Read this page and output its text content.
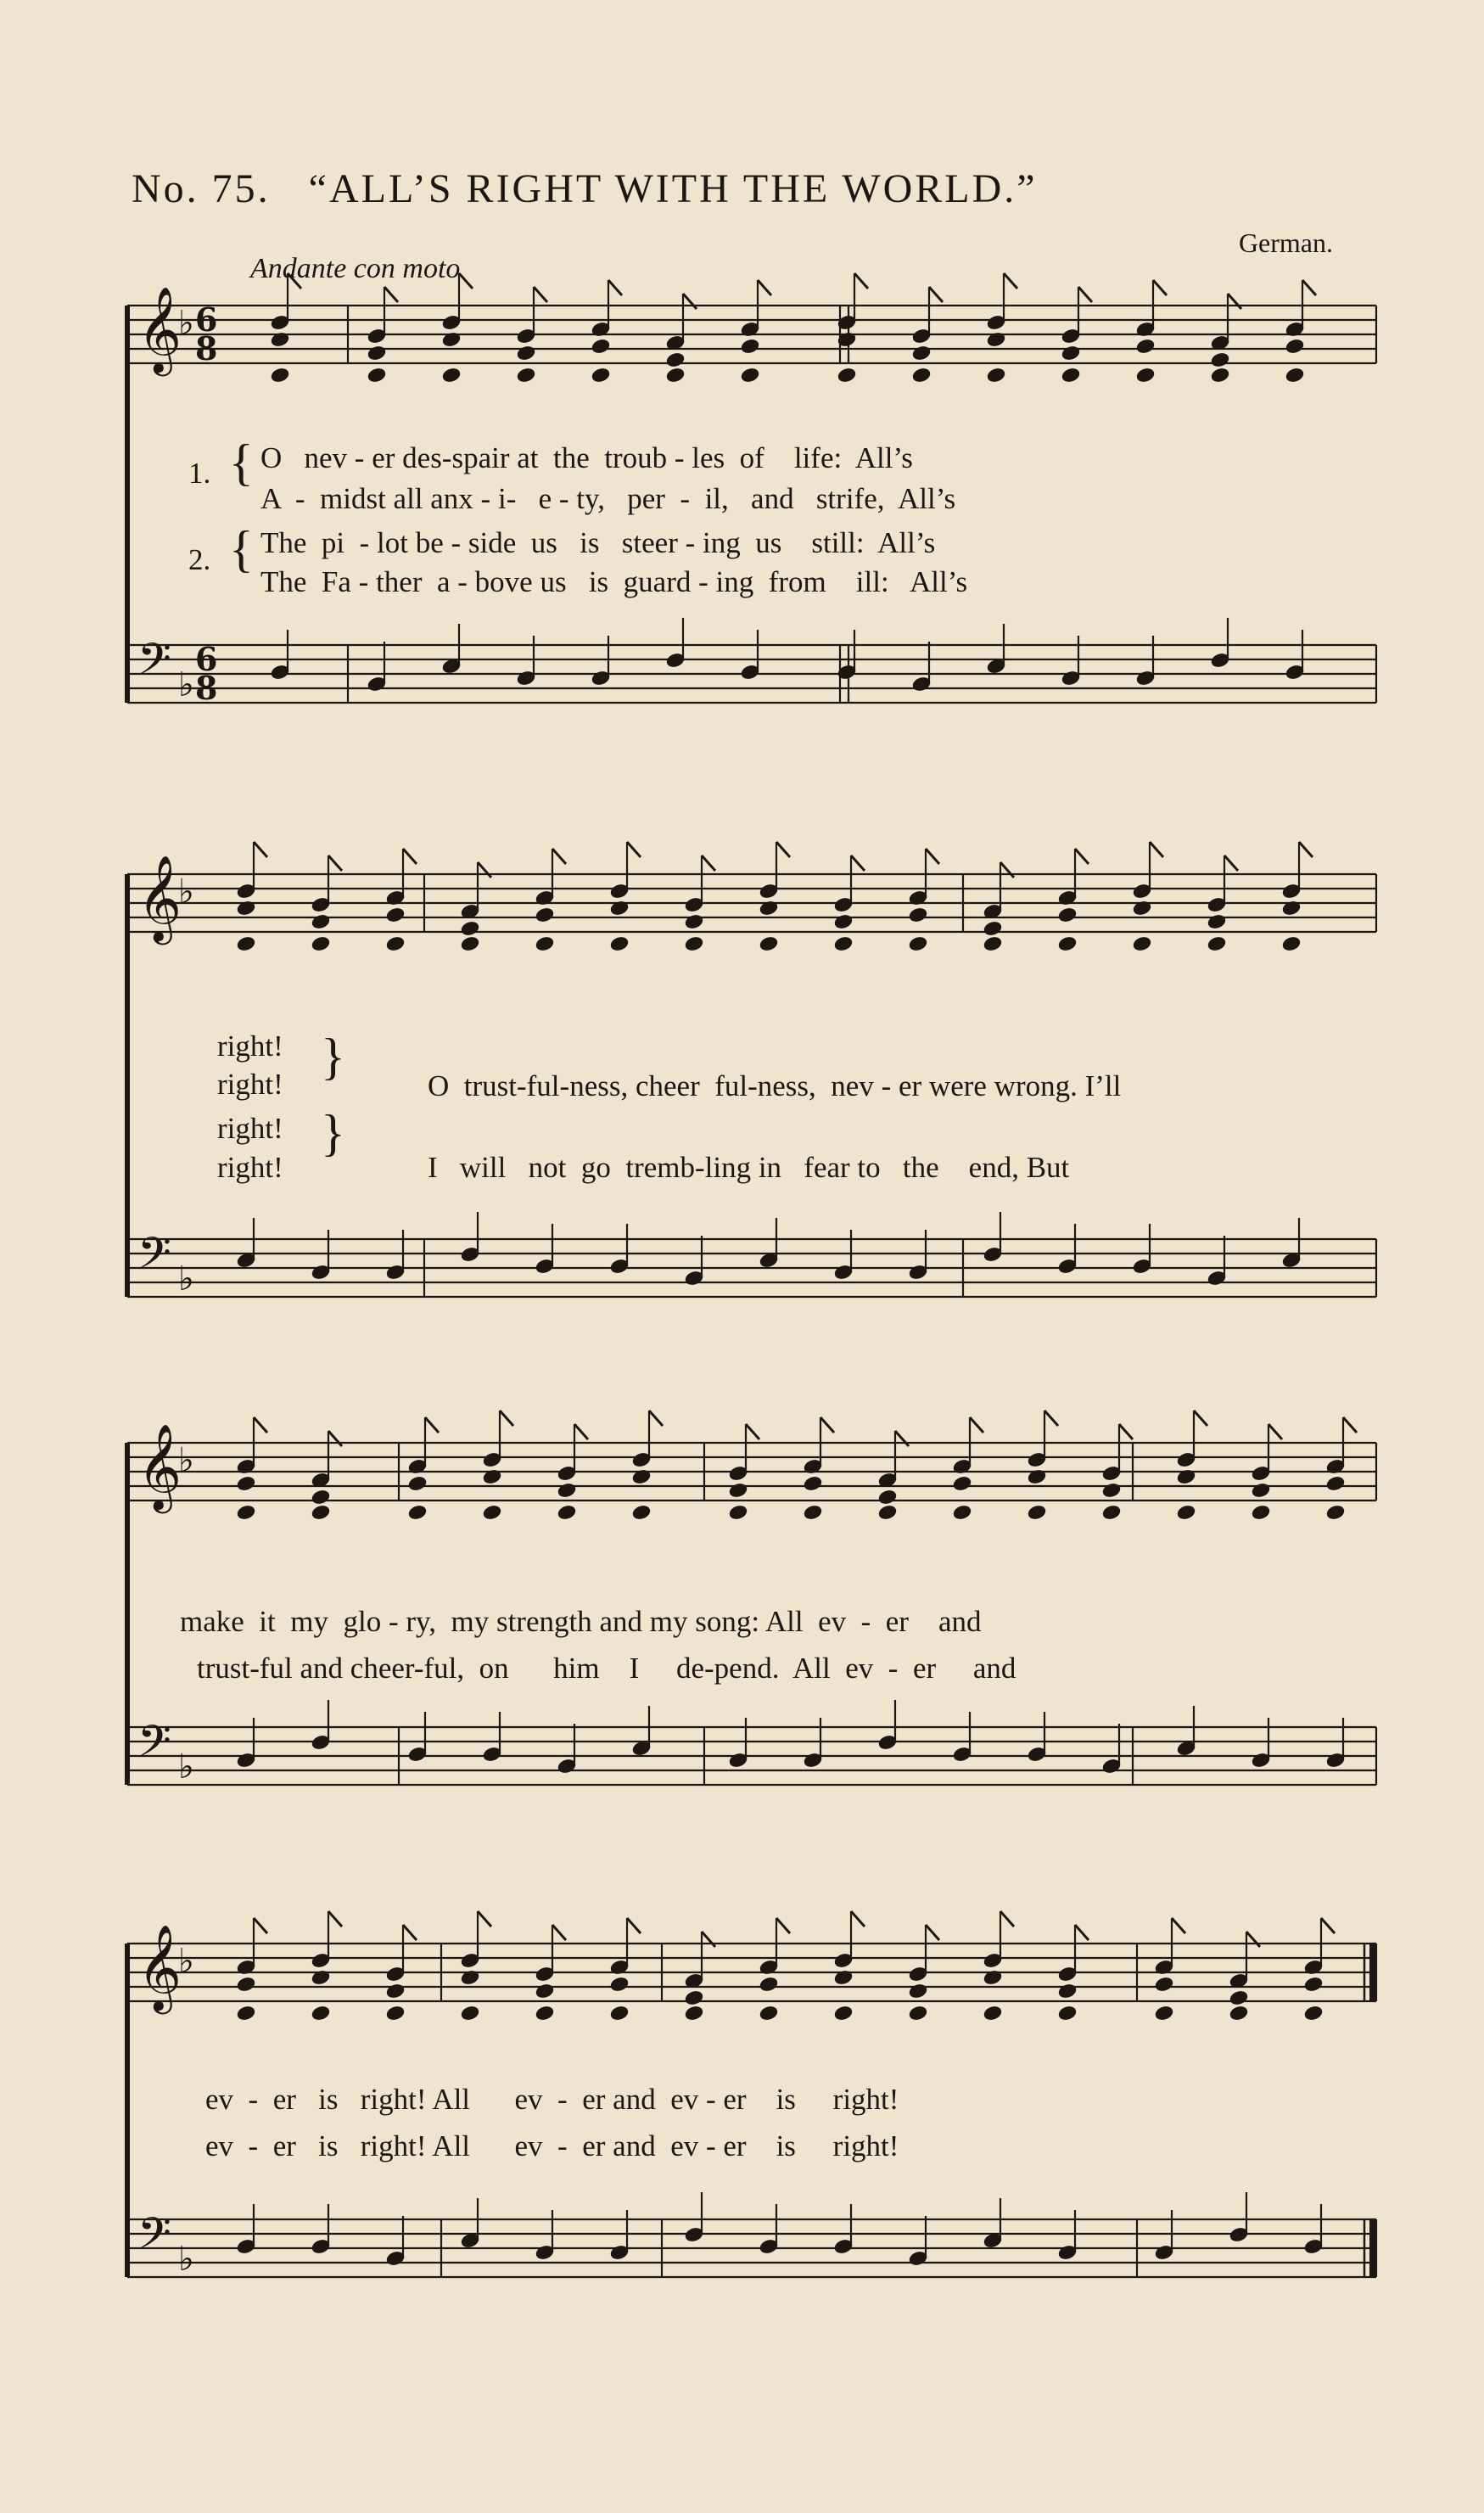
No. 75. “ALL’S RIGHT WITH THE WORLD.”
German.
Andante con moto
𝄞
𝄢
♭
♭
6
6
8
8
𝄞
𝄢
♭
♭
𝄞
𝄢
♭
♭
𝄞
𝄢
♭
♭
1. { O   nev - er des-spair at  the  troub - les  of    life:  All’s
A  -  midst all anx - i-   e - ty,   per  -  il,   and   strife,  All’s
2. { The  pi  - lot be - side  us   is   steer - ing  us    still:  All’s
The  Fa - ther  a - bove us   is  guard - ing  from    ill:   All’s
right!
right!
right!
right!
}
}
O  trust-ful-ness, cheer  ful-ness,  nev - er were wrong. I’ll
I   will   not  go  tremb-ling in   fear to   the    end, But
make  it  my  glo - ry,  my strength and my song: All  ev  -  er    and
trust-ful and cheer-ful,  on      him    I     de-pend.  All  ev  -  er     and
ev  -  er   is   right! All      ev  -  er and  ev - er    is     right!
ev  -  er   is   right! All      ev  -  er and  ev - er    is     right!
